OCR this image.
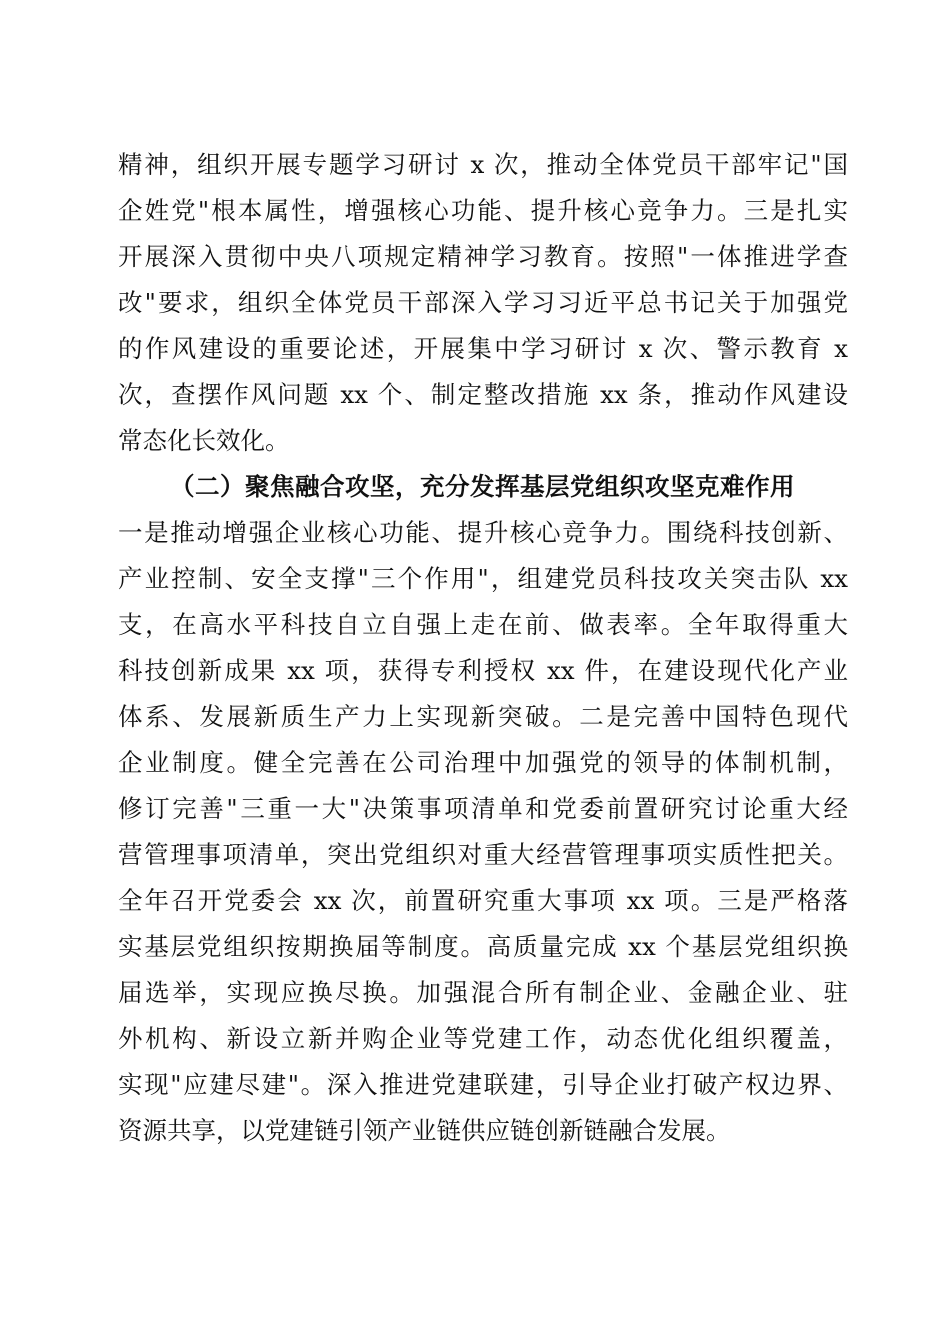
精神，组织开展专题学习研讨 x 次，推动全体党员干部牢记"国
企姓党"根本属性，增强核心功能、提升核心竞争力。三是扎实
开展深入贯彻中央八项规定精神学习教育。按照"一体推进学查
改"要求，组织全体党员干部深入学习习近平总书记关于加强党
的作风建设的重要论述，开展集中学习研讨 x 次、警示教育 x
次，查摆作风问题 xx 个、制定整改措施 xx 条，推动作风建设
常态化长效化。
（二）聚焦融合攻坚，充分发挥基层党组织攻坚克难作用
一是推动增强企业核心功能、提升核心竞争力。围绕科技创新、
产业控制、安全支撑"三个作用"，组建党员科技攻关突击队 xx
支，在高水平科技自立自强上走在前、做表率。全年取得重大
科技创新成果 xx 项，获得专利授权 xx 件，在建设现代化产业
体系、发展新质生产力上实现新突破。二是完善中国特色现代
企业制度。健全完善在公司治理中加强党的领导的体制机制，
修订完善"三重一大"决策事项清单和党委前置研究讨论重大经
营管理事项清单，突出党组织对重大经营管理事项实质性把关。
全年召开党委会 xx 次，前置研究重大事项 xx 项。三是严格落
实基层党组织按期换届等制度。高质量完成 xx 个基层党组织换
届选举，实现应换尽换。加强混合所有制企业、金融企业、驻
外机构、新设立新并购企业等党建工作，动态优化组织覆盖，
实现"应建尽建"。深入推进党建联建，引导企业打破产权边界、
资源共享，以党建链引领产业链供应链创新链融合发展。
